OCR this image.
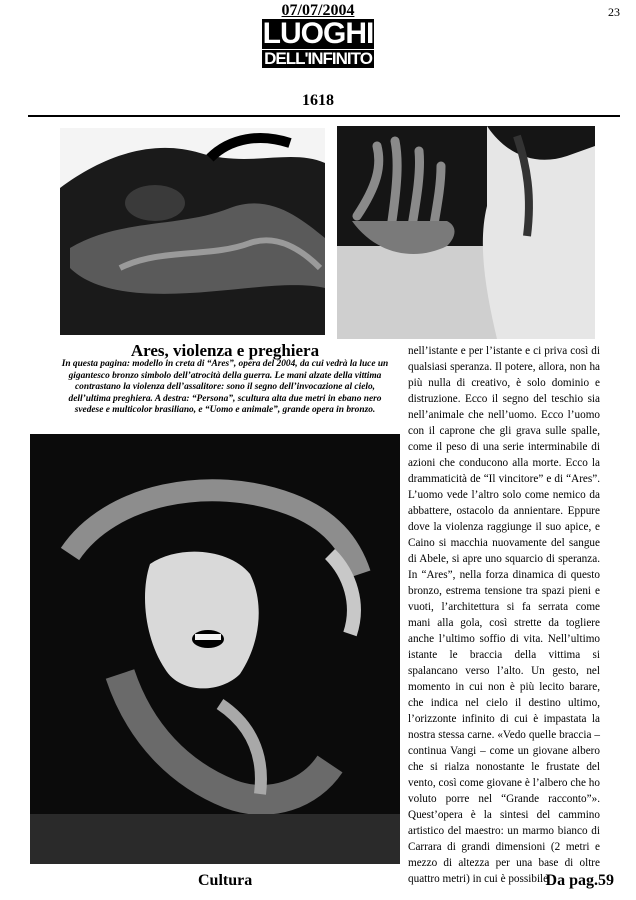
23
07/07/2004
LUOGHI
DELL'INFINITO
1618
Ares, violenza e preghiera
In questa pagina: modello in creta di “Ares”, opera del 2004, da cui vedrà la luce un gigantesco bronzo simbolo dell’atrocità della guerra. Le mani alzate della vittima contrastano la violenza dell’assalitore: sono il segno dell’invocazione al cielo, dell’ultima preghiera. A destra: “Persona”, scultura alta due metri in ebano nero svedese e multicolor brasiliano, e “Uomo e animale”, grande opera in bronzo.

nell’istante e per l’istante e ci priva così di qualsiasi speranza. Il potere, allora, non ha più nulla di creativo, è solo dominio e distruzione. Ecco il segno del teschio sia nell’animale che nell’uomo. Ecco l’uomo con il caprone che gli grava sulle spalle, come il peso di una serie interminabile di azioni che conducono alla morte. Ecco la drammaticità de “Il vincitore” e di “Ares”. L’uomo vede l’altro solo come nemico da abbattere, ostacolo da annientare. Eppure dove la violenza raggiunge il suo apice, e Caino si macchia nuovamente del sangue di Abele, si apre uno squarcio di speranza. In “Ares”, nella forza dinamica di questo bronzo, estrema tensione tra spazi pieni e vuoti, l’architettura si fa serrata come mani alla gola, così strette da togliere anche l’ultimo soffio di vita. Nell’ultimo istante le braccia della vittima si spalancano verso l’alto. Un gesto, nel momento in cui non è più lecito barare, che indica nel cielo il destino ultimo, l’orizzonte infinito di cui è impastata la nostra stessa carne. «Vedo quelle braccia – continua Vangi – come un giovane albero che si rialza nonostante le frustate del vento, così come giovane è l’albero che ho voluto porre nel “Grande racconto”». Quest’opera è la sintesi del cammino artistico del maestro: un marmo bianco di Carrara di grandi dimensioni (2 metri e mezzo di altezza per una base di oltre quattro metri) in cui è possibile

Cultura	Da pag.59
